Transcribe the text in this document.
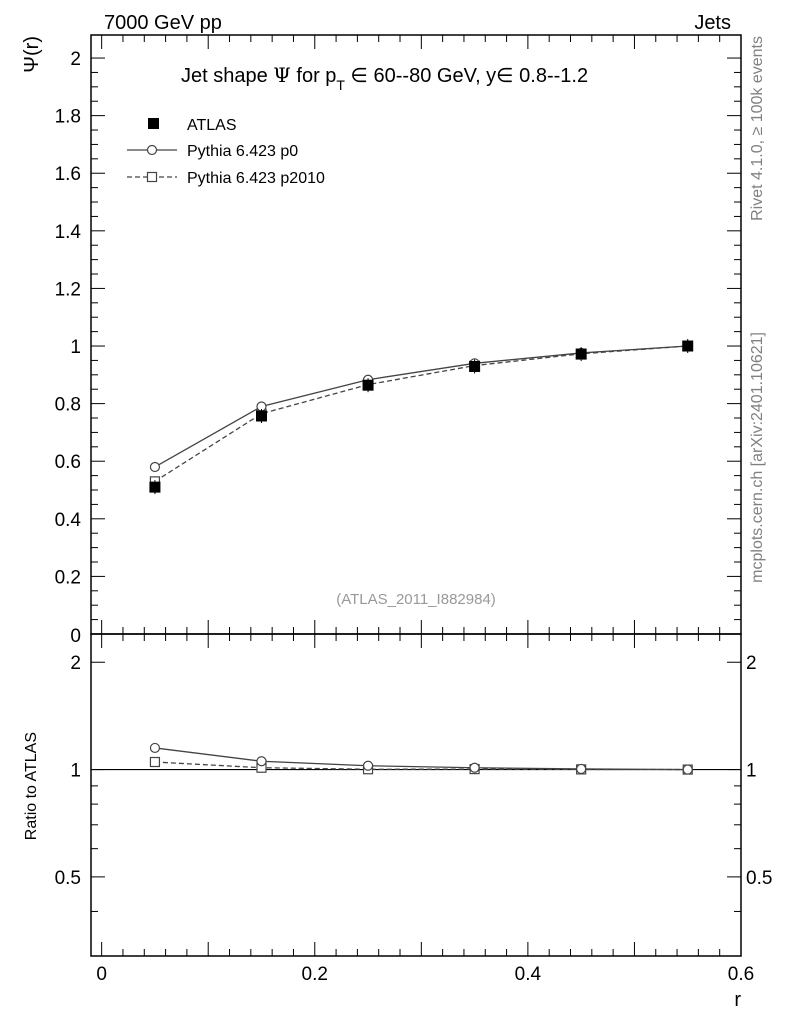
7000 GeV pp	Jets
Rivet 4.1.0, ≥ 100k events
mcplots.cern.ch [arXiv:2401.10621]
0.2
0.4
0.6
0.8
1
1.2
1.4
1.6
1.8
2
0
Jet shape Ψ for $p_T$ ∈ 60--80 GeV, y∈ 0.8--1.2
Ψ(r)
(ATLAS_2011_I882984)
ATLAS
Pythia 6.423 p0
Pythia 6.423 p2010
0.5	0.5
1	1
2	2
0	0.2	0.4	0.6
Ratio to ATLAS
r
